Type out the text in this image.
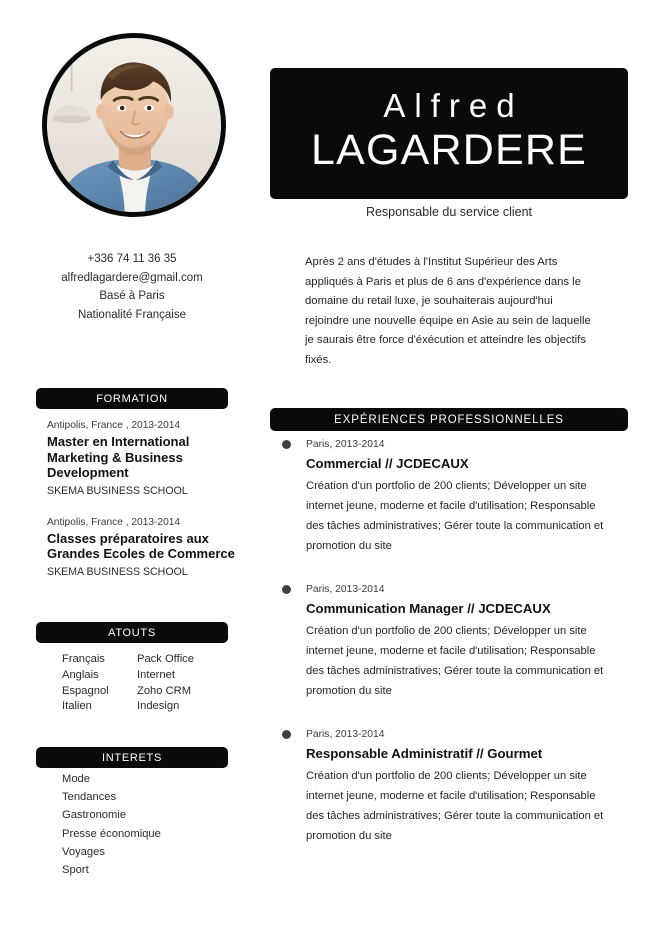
Alfred
LAGARDERE
Responsable du service client
+336 74 11 36 35
alfredlagardere@gmail.com
Basé à Paris
Nationalité Française
Après 2 ans d'études à l'Institut Supérieur des Arts appliqués à Paris et plus de 6 ans d'expérience dans le domaine du retail luxe, je souhaiterais aujourd'hui rejoindre une nouvelle équipe en Asie au sein de laquelle je saurais être force d'éxécution et atteindre les objectifs fixés.
FORMATION
ATOUTS
INTERETS
EXPÉRIENCES PROFESSIONNELLES
Antipolis, France , 2013-2014
Master en International Marketing & Business Development
SKEMA BUSINESS SCHOOL
Antipolis, France , 2013-2014
Classes préparatoires aux Grandes Ecoles de Commerce
SKEMA BUSINESS SCHOOL
Français
Anglais
Espagnol
Italien
Pack Office
Internet
Zoho CRM
Indesign
Mode
Tendances
Gastronomie
Presse économique
Voyages
Sport
Paris, 2013-2014
Commercial // JCDECAUX
Création d'un portfolio de 200 clients; Développer un site internet jeune, moderne et facile d'utilisation; Responsable des tâches administratives; Gérer toute la communication et promotion du site
Paris, 2013-2014
Communication Manager // JCDECAUX
Création d'un portfolio de 200 clients; Développer un site internet jeune, moderne et facile d'utilisation; Responsable des tâches administratives; Gérer toute la communication et promotion du site
Paris, 2013-2014
Responsable Administratif // Gourmet
Création d'un portfolio de 200 clients; Développer un site internet jeune, moderne et facile d'utilisation; Responsable des tâches administratives; Gérer toute la communication et promotion du site
